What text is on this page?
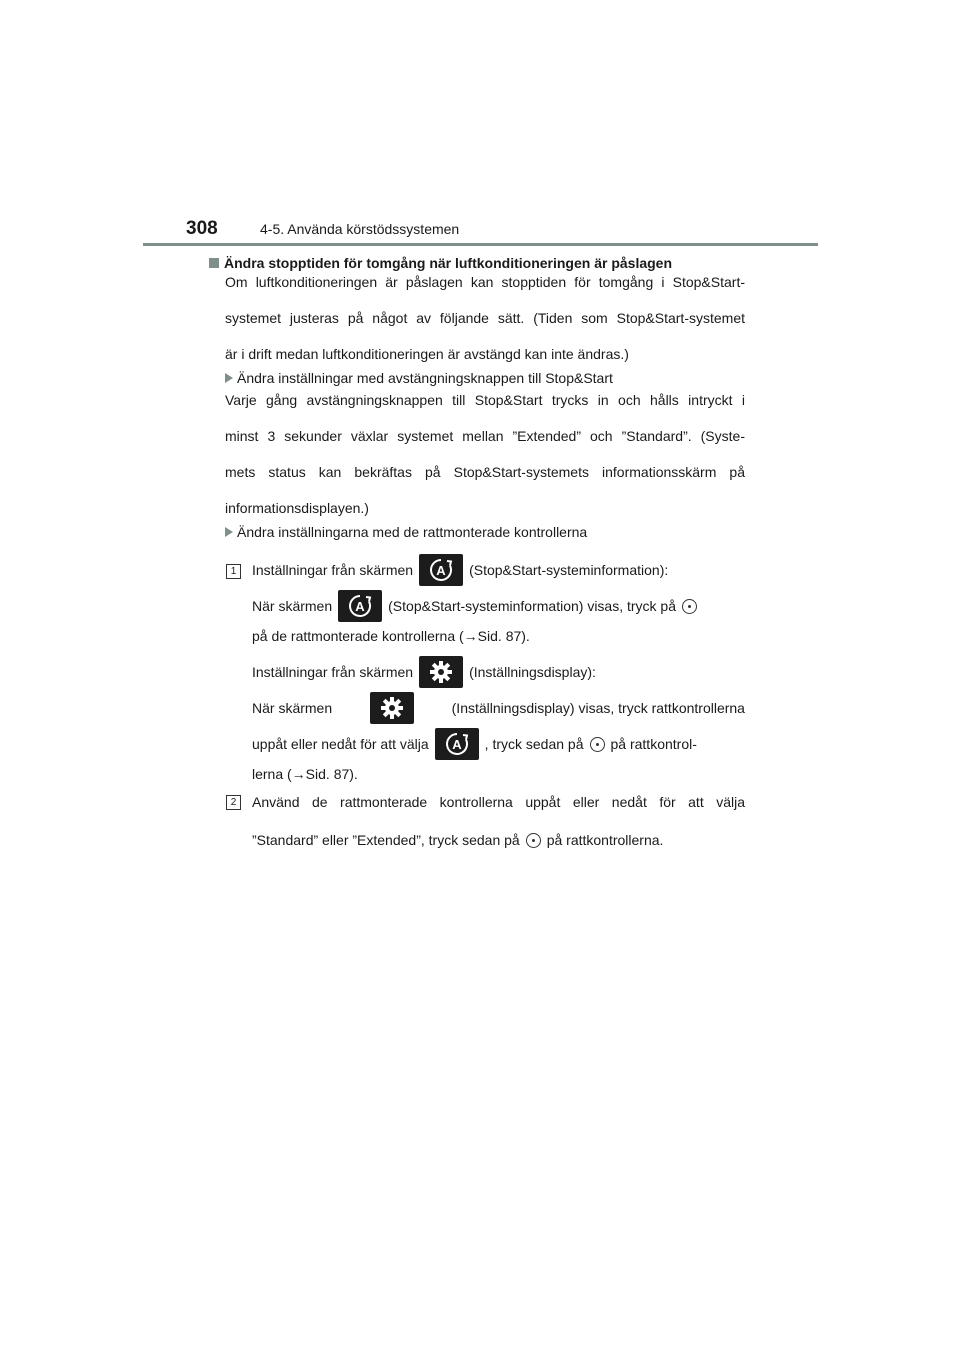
308	4-5. Använda körstödssystemen
Ändra stopptiden för tomgång när luftkonditioneringen är påslagen
Om luftkonditioneringen är påslagen kan stopptiden för tomgång i Stop&Start-
systemet justeras på något av följande sätt. (Tiden som Stop&Start-systemet
är i drift medan luftkonditioneringen är avstängd kan inte ändras.)
Ändra inställningar med avstängningsknappen till Stop&Start
Varje gång avstängningsknappen till Stop&Start trycks in och hålls intryckt i
minst 3 sekunder växlar systemet mellan ”Extended” och ”Standard”. (Syste-
mets status kan bekräftas på Stop&Start-systemets informationsskärm på
informationsdisplayen.)
Ändra inställningarna med de rattmonterade kontrollerna
1	Inställningar från skärmen A (Stop&Start-systeminformation):
När skärmen A (Stop&Start-systeminformation) visas, tryck på
på de rattmonterade kontrollerna (→Sid. 87).
Inställningar från skärmen	(Inställningsdisplay):
När skärmen	(Inställningsdisplay) visas, tryck rattkontrollerna
uppåt eller nedåt för att välja A , tryck sedan på på rattkontrol-
lerna (→Sid. 87).
2	Använd de rattmonterade kontrollerna uppåt eller nedåt för att välja
”Standard” eller ”Extended”, tryck sedan på på rattkontrollerna.
